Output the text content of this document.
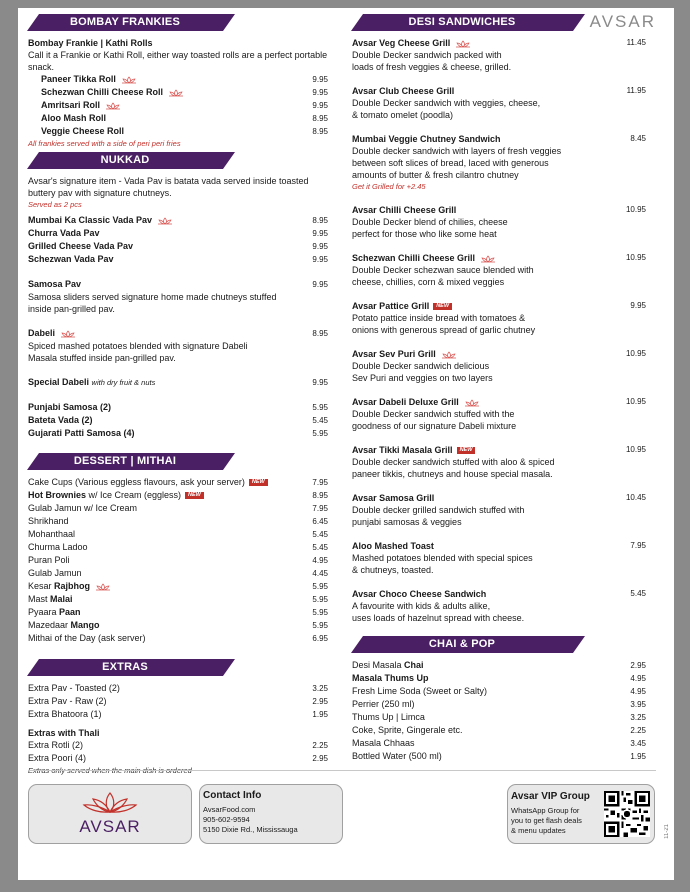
AVSAR
BOMBAY FRANKIES
Bombay Frankie | Kathi Rolls
Call it a Frankie or Kathi Roll, either way toasted rolls are a perfect portable snack.
Paneer Tikka Roll	9.95
Schezwan Chilli Cheese Roll	9.95
Amritsari Roll	9.95
Aloo Mash Roll	8.95
Veggie Cheese Roll	8.95
All frankies served with a side of peri peri fries
NUKKAD
Avsar's signature item - Vada Pav is batata vada served inside toasted buttery pav with signature chutneys.
Served as 2 pcs
Mumbai Ka Classic Vada Pav	8.95
Churra Vada Pav	9.95
Grilled Cheese Vada Pav	9.95
Schezwan Vada Pav	9.95
Samosa Pav	9.95
Samosa sliders served signature home made chutneys stuffed inside pan-grilled pav.
Dabeli	8.95
Spiced mashed potatoes blended with signature Dabeli Masala stuffed inside pan-grilled pav.
Special Dabeli with dry fruit & nuts	9.95
Punjabi Samosa (2)	5.95
Bateta Vada (2)	5.45
Gujarati Patti Samosa (4)	5.95
DESSERT | MITHAI
Cake Cups (Various eggless flavours, ask your server) NEW	7.95
Hot Brownies w/ Ice Cream (eggless) NEW	8.95
Gulab Jamun w/ Ice Cream	7.95
Shrikhand	6.45
Mohanthaal	5.45
Churma Ladoo	5.45
Puran Poli	4.95
Gulab Jamun	4.45
Kesar Rajbhog	5.95
Mast Malai	5.95
Pyaara Paan	5.95
Mazedaar Mango	5.95
Mithai of the Day (ask server)	6.95
EXTRAS
Extra Pav - Toasted (2)	3.25
Extra Pav - Raw (2)	2.95
Extra Bhatoora (1)	1.95
Extras with Thali
Extra Rotli (2)	2.25
Extra Poori (4)	2.95
DESI SANDWICHES
Avsar Veg Cheese Grill	11.45
Double Decker sandwich packed with
loads of fresh veggies & cheese, grilled.
Avsar Club Cheese Grill	11.95
Double Decker sandwich with veggies, cheese,
& tomato omelet (poodla)
Mumbai Veggie Chutney Sandwich	8.45
Double decker sandwich with layers of fresh veggies
between soft slices of bread, laced with generous
amounts of butter & fresh cilantro chutney
Get it Grilled for +2.45
Avsar Chilli Cheese Grill	10.95
Double Decker blend of chilies, cheese
perfect for those who like some heat
Schezwan Chilli Cheese Grill	10.95
Double Decker schezwan sauce blended with
cheese, chillies, corn & mixed veggies
Avsar Pattice Grill NEW	9.95
Potato pattice inside bread with tomatoes &
onions with generous spread of garlic chutney
Avsar Sev Puri Grill	10.95
Double Decker sandwich delicious
Sev Puri and veggies on two layers
Avsar Dabeli Deluxe Grill	10.95
Double Decker sandwich stuffed with the
goodness of our signature Dabeli mixture
Avsar Tikki Masala Grill NEW	10.95
Double decker sandwich stuffed with aloo & spiced
paneer tikkis, chutneys and house special masala.
Avsar Samosa Grill	10.45
Double decker grilled sandwich stuffed with
punjabi samosas & veggies
Aloo Mashed Toast	7.95
Mashed potatoes blended with special spices
& chutneys, toasted.
Avsar Choco Cheese Sandwich	5.45
A favourite with kids & adults alike,
uses loads of hazelnut spread with cheese.
CHAI & POP
Desi Masala Chai	2.95
Masala Thums Up	4.95
Fresh Lime Soda (Sweet or Salty)	4.95
Perrier (250 ml)	3.95
Thums Up | Limca	3.25
Coke, Sprite, Gingerale etc.	2.25
Masala Chhaas	3.45
Bottled Water (500 ml)	1.95
AVSAR
Contact Info
AvsarFood.com
905-602-9594
5150 Dixie Rd., Mississauga
Avsar VIP Group
WhatsApp Group for
you to get flash deals
& menu updates	11-21
